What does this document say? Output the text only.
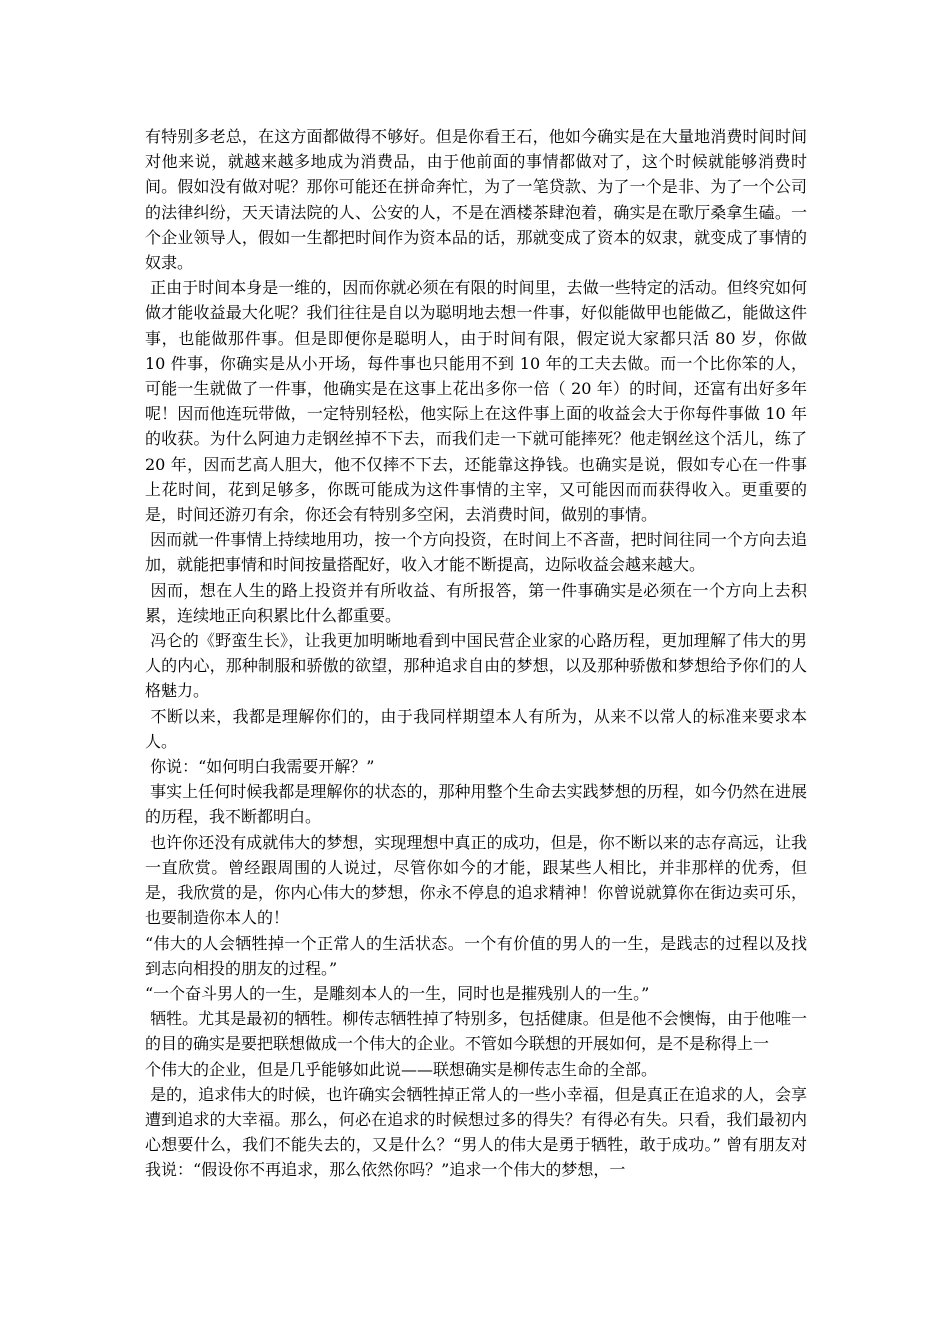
有特别多老总，在这方面都做得不够好。但是你看王石，他如今确实是在大量地消费时间时间对他来说，就越来越多地成为消费品，由于他前面的事情都做对了，这个时候就能够消费时间。假如没有做对呢？那你可能还在拼命奔忙，为了一笔贷款、为了一个是非、为了一个公司的法律纠纷，天天请法院的人、公安的人，不是在酒楼茶肆泡着，确实是在歌厅桑拿生磕。一个企业领导人，假如一生都把时间作为资本品的话，那就变成了资本的奴隶，就变成了事情的奴隶。

正由于时间本身是一维的，因而你就必须在有限的时间里，去做一些特定的活动。但终究如何做才能收益最大化呢？我们往往是自以为聪明地去想一件事，好似能做甲也能做乙，能做这件事，也能做那件事。但是即便你是聪明人，由于时间有限，假定说大家都只活 80 岁，你做 10 件事，你确实是从小开场，每件事也只能用不到 10 年的工夫去做。而一个比你笨的人，可能一生就做了一件事，他确实是在这事上花出多你一倍（ 20 年）的时间，还富有出好多年呢！因而他连玩带做，一定特别轻松，他实际上在这件事上面的收益会大于你每件事做 10 年的收获。为什么阿迪力走钢丝掉不下去，而我们走一下就可能摔死？他走钢丝这个活儿，练了 20 年，因而艺高人胆大，他不仅摔不下去，还能靠这挣钱。也确实是说，假如专心在一件事上花时间，花到足够多，你既可能成为这件事情的主宰，又可能因而而获得收入。更重要的是，时间还游刃有余，你还会有特别多空闲，去消费时间，做别的事情。

因而就一件事情上持续地用功，按一个方向投资，在时间上不吝啬，把时间往同一个方向去追加，就能把事情和时间按量搭配好，收入才能不断提高，边际收益会越来越大。

因而，想在人生的路上投资并有所收益、有所报答，第一件事确实是必须在一个方向上去积累，连续地正向积累比什么都重要。

冯仑的《野蛮生长》，让我更加明晰地看到中国民营企业家的心路历程，更加理解了伟大的男人的内心，那种制服和骄傲的欲望，那种追求自由的梦想，以及那种骄傲和梦想给予你们的人格魅力。

不断以来，我都是理解你们的，由于我同样期望本人有所为，从来不以常人的标准来要求本人。

你说：“如何明白我需要开解？”

事实上任何时候我都是理解你的状态的，那种用整个生命去实践梦想的历程，如今仍然在进展的历程，我不断都明白。

也许你还没有成就伟大的梦想，实现理想中真正的成功，但是，你不断以来的志存高远，让我一直欣赏。曾经跟周围的人说过，尽管你如今的才能，跟某些人相比，并非那样的优秀，但是，我欣赏的是，你内心伟大的梦想，你永不停息的追求精神！你曾说就算你在街边卖可乐，也要制造你本人的！

“伟大的人会牺牲掉一个正常人的生活状态。一个有价值的男人的一生，是践志的过程以及找到志向相投的朋友的过程。”

“一个奋斗男人的一生，是雕刻本人的一生，同时也是摧残别人的一生。”

牺牲。尤其是最初的牺牲。柳传志牺牲掉了特别多，包括健康。但是他不会懊悔，由于他唯一的目的确实是要把联想做成一个伟大的企业。不管如今联想的开展如何，是不是称得上一

个伟大的企业，但是几乎能够如此说——联想确实是柳传志生命的全部。

是的，追求伟大的时候，也许确实会牺牲掉正常人的一些小幸福，但是真正在追求的人，会享遭到追求的大幸福。那么，何必在追求的时候想过多的得失？有得必有失。只看，我们最初内心想要什么，我们不能失去的，又是什么？“男人的伟大是勇于牺牲，敢于成功。” 曾有朋友对我说：“假设你不再追求，那么依然你吗？”追求一个伟大的梦想，一
